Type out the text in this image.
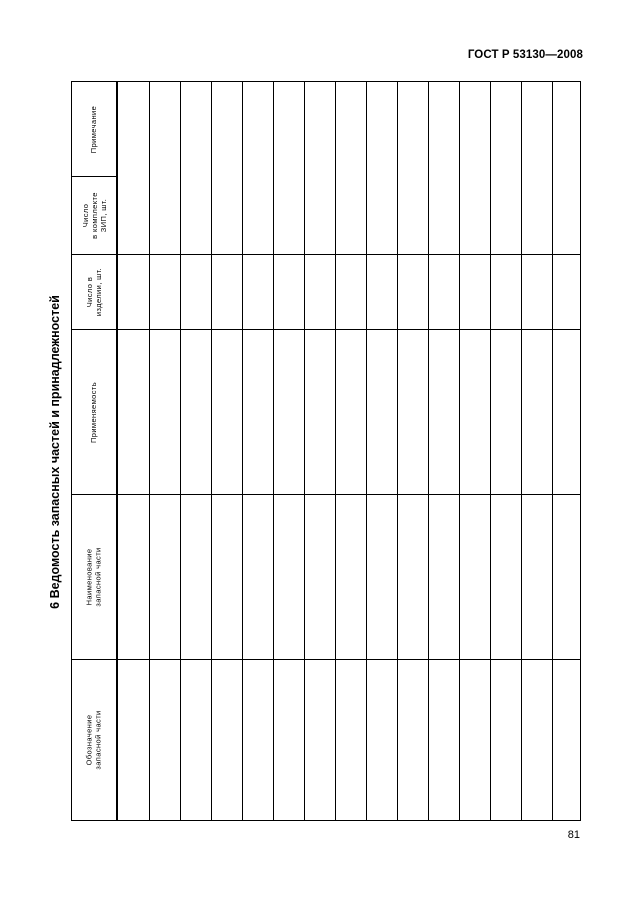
ГОСТ Р 53130—2008
6 Ведомость запасных частей и принадлежностей
Обозначение
запасной части
Наименование
запасной части
Применяемость
Число в
изделии, шт.
Число
в комплекте
ЗИП, шт.
Примечание
81
